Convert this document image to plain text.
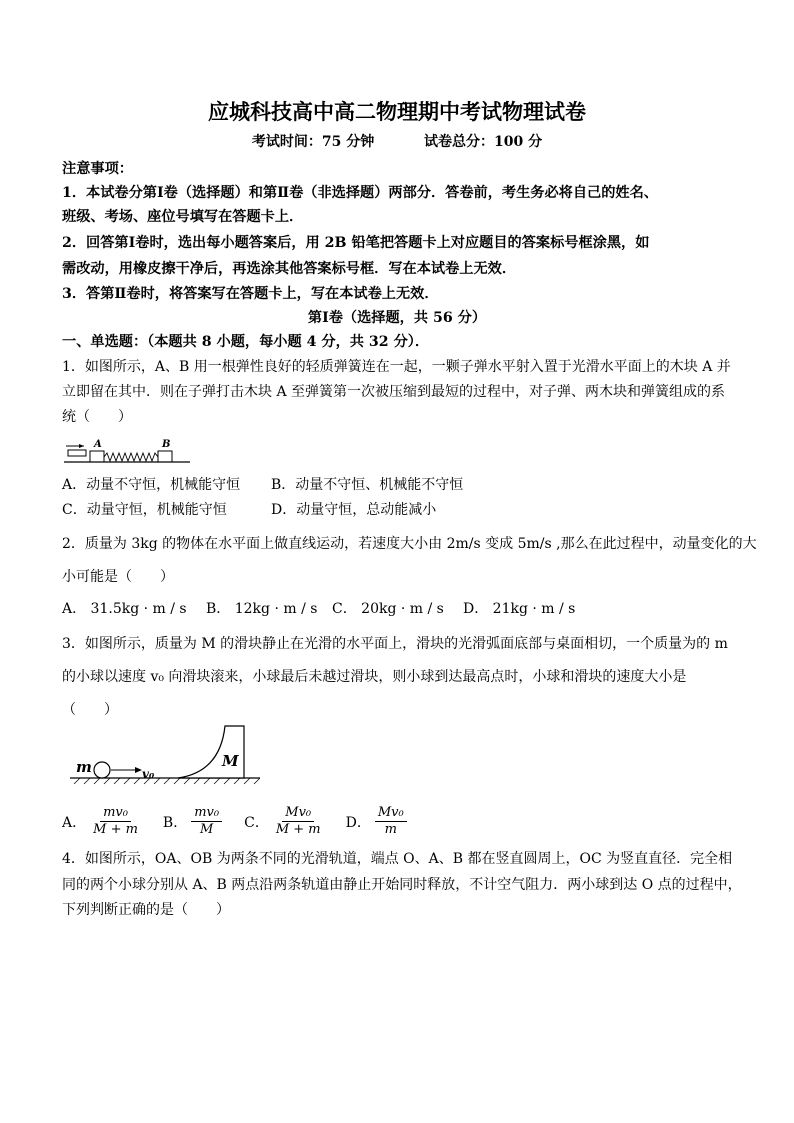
应城科技高中高二物理期中考试物理试卷
考试时间：75 分钟	试卷总分：100 分
注意事项：
1．本试卷分第Ⅰ卷（选择题）和第Ⅱ卷（非选择题）两部分．答卷前，考生务必将自己的姓名、
班级、考场、座位号填写在答题卡上．
2．回答第Ⅰ卷时，选出每小题答案后，用 2B 铅笔把答题卡上对应题目的答案标号框涂黑，如
需改动，用橡皮擦干净后，再选涂其他答案标号框．写在本试卷上无效．
3．答第Ⅱ卷时，将答案写在答题卡上，写在本试卷上无效．
第Ⅰ卷（选择题，共 56 分）
一、单选题：（本题共 8 小题，每小题 4 分，共 32 分）．
1．如图所示，A、B 用一根弹性良好的轻质弹簧连在一起，一颗子弹水平射入置于光滑水平面上的木块 A 并
立即留在其中．则在子弹打击木块 A 至弹簧第一次被压缩到最短的过程中，对子弹、两木块和弹簧组成的系
统（　　）
A	B
A．动量不守恒，机械能守恒 B．动量不守恒、机械能不守恒
C．动量守恒，机械能守恒	D．动量守恒，总动能减小
2．质量为 3kg 的物体在水平面上做直线运动，若速度大小由 2m/s 变成 5m/s ,那么在此过程中，动量变化的大
小可能是（　　）
A． 31.5kg · m / s B． 12kg · m / s C． 20kg · m / s D． 21kg · m / s
3．如图所示，质量为 M 的滑块静止在光滑的水平面上，滑块的光滑弧面底部与桌面相切，一个质量为的 m
的小球以速度 v₀ 向滑块滚来，小球最后未越过滑块，则小球到达最高点时，小球和滑块的速度大小是
（　　）
m	v₀
M
A． $\frac{\text{mv₀}}{M + m}$ B． $\frac{\text{mv₀}}{M}$ C． $\frac{\text{Mv₀}}{M + m}$ D． $\frac{\text{Mv₀}}{m}$
4．如图所示，OA、OB 为两条不同的光滑轨道，端点 O、A、B 都在竖直圆周上，OC 为竖直直径．完全相
同的两个小球分别从 A、B 两点沿两条轨道由静止开始同时释放，不计空气阻力．两小球到达 O 点的过程中，
下列判断正确的是（　　）
